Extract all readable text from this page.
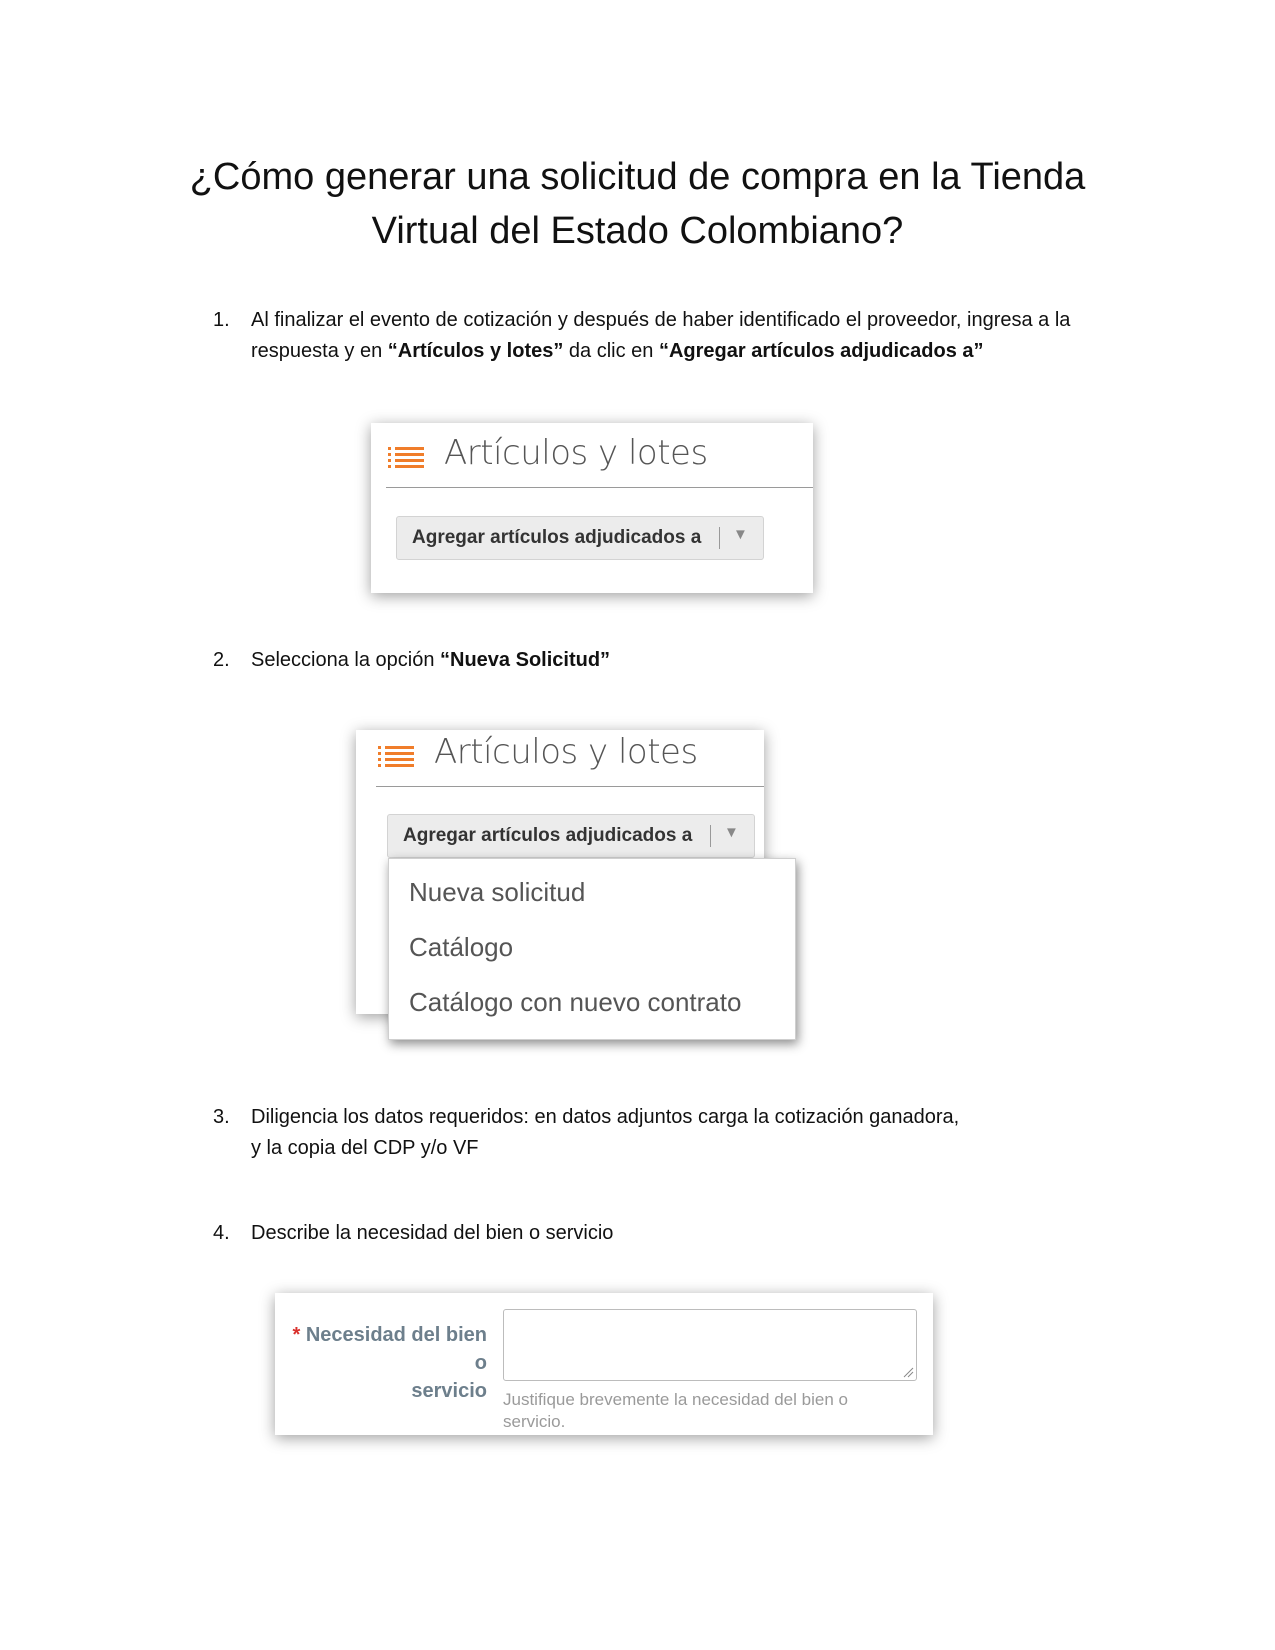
¿Cómo generar una solicitud de compra en la Tienda
Virtual del Estado Colombiano?
1. Al finalizar el evento de cotización y después de haber identificado el proveedor, ingresa a la respuesta y en “Artículos y lotes” da clic en “Agregar artículos adjudicados a”
Artículos y lotes
Agregar artículos adjudicados a ▼
2. Selecciona la opción “Nueva Solicitud”
Artículos y lotes
Agregar artículos adjudicados a ▼
Nueva solicitud
Catálogo
Catálogo con nuevo contrato
3. Diligencia los datos requeridos: en datos adjuntos carga la cotización ganadora,
y la copia del CDP y/o VF
4. Describe la necesidad del bien o servicio
* Necesidad del bien o
servicio Justifique brevemente la necesidad del bien o servicio.
